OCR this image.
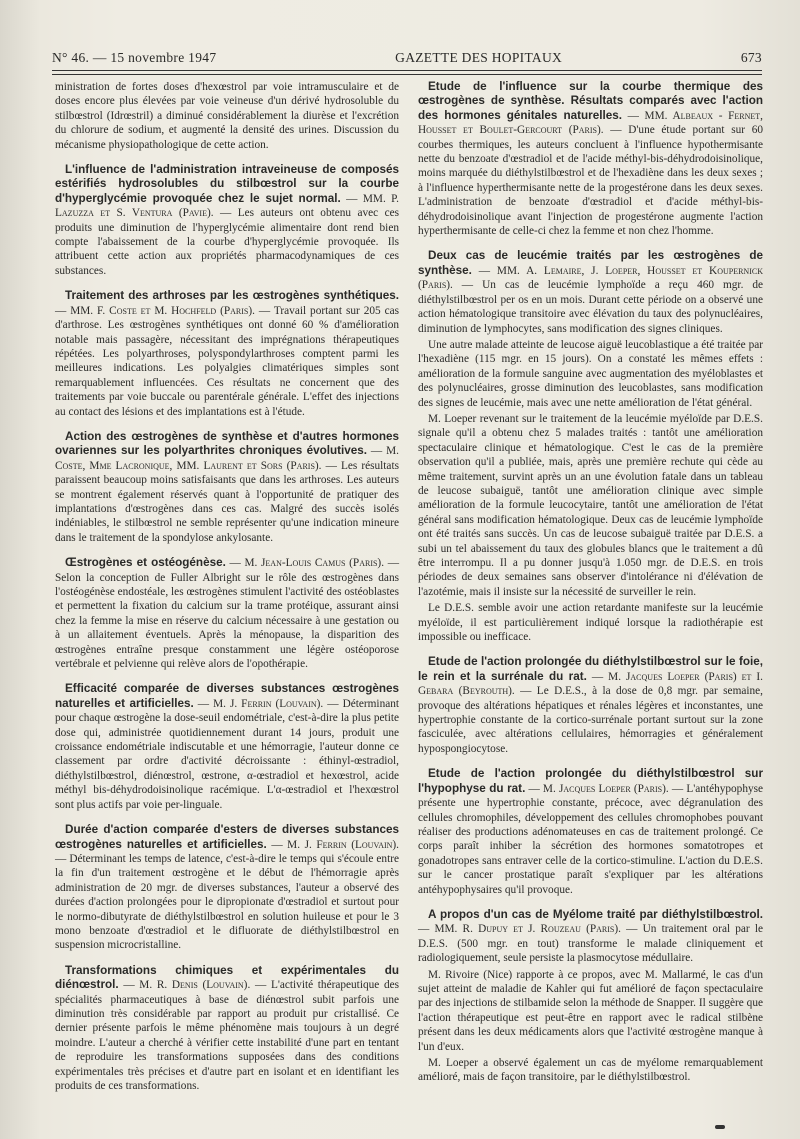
N° 46. — 15 novembre 1947	GAZETTE DES HOPITAUX	673

ministration de fortes doses d'hexœstrol par voie intramusculaire et de doses encore plus élevées par voie veineuse d'un dérivé hydrosoluble du stilbœstrol (Idrœstril) a diminué considérablement la diurèse et l'excrétion du chlorure de sodium, et augmenté la densité des urines. Discussion du mécanisme physiopathologique de cette action.

L'influence de l'administration intraveineuse de composés estérifiés hydrosolubles du stilbœstrol sur la courbe d'hyperglycémie provoquée chez le sujet normal. — MM. P. Lazuzza et S. Ventura (Pavie). — Les auteurs ont obtenu avec ces produits une diminution de l'hyperglycémie alimentaire dont rend bien compte l'abaissement de la courbe d'hyperglycémie provoquée. Ils attribuent cette action aux propriétés pharmacodynamiques de ces substances.

Traitement des arthroses par les œstrogènes synthétiques. — MM. F. Coste et M. Hochfeld (Paris). — Travail portant sur 205 cas d'arthrose. Les œstrogènes synthétiques ont donné 60 % d'amélioration notable mais passagère, nécessitant des imprégnations thérapeutiques répétées. Les polyarthroses, polyspondylarthroses comptent parmi les meilleures indications. Les polyalgies climatériques simples sont remarquablement influencées. Ces résultats ne concernent que des traitements par voie buccale ou parentérale générale. L'effet des injections au contact des lésions et des implantations est à l'étude.

Action des œstrogènes de synthèse et d'autres hormones ovariennes sur les polyarthrites chroniques évolutives. — M. Coste, Mme Lacronique, MM. Laurent et Sors (Paris). — Les résultats paraissent beaucoup moins satisfaisants que dans les arthroses. Les auteurs se montrent également réservés quant à l'opportunité de pratiquer des implantations d'œstrogènes dans ces cas. Malgré des succès isolés indéniables, le stilbœstrol ne semble représenter qu'une indication mineure dans le traitement de la spondylose ankylosante.

Œstrogènes et ostéogénèse. — M. Jean-Louis Camus (Paris). — Selon la conception de Fuller Albright sur le rôle des œstrogènes dans l'ostéogénèse endostéale, les œstrogènes stimulent l'activité des ostéoblastes et permettent la fixation du calcium sur la trame protéique, assurant ainsi chez la femme la mise en réserve du calcium nécessaire à une gestation ou à un allaitement éventuels. Après la ménopause, la disparition des œstrogènes entraîne presque constamment une légère ostéoporose vertébrale et pelvienne qui relève alors de l'opothérapie.

Efficacité comparée de diverses substances œstrogènes naturelles et artificielles. — M. J. Ferrin (Louvain). — Déterminant pour chaque œstrogène la dose-seuil endométriale, c'est-à-dire la plus petite dose qui, administrée quotidiennement durant 14 jours, produit une croissance endométriale indiscutable et une hémorragie, l'auteur donne ce classement par ordre d'activité décroissante : éthinyl-œstradiol, diéthylstilbœstrol, diénœstrol, œstrone, α-œstradiol et hexœstrol, acide méthyl bis-déhydrodoisinolique racémique. L'α-œstradiol et l'hexœstrol sont plus actifs par voie per-linguale.

Durée d'action comparée d'esters de diverses substances œstrogènes naturelles et artificielles. — M. J. Ferrin (Louvain). — Déterminant les temps de latence, c'est-à-dire le temps qui s'écoule entre la fin d'un traitement œstrogène et le début de l'hémorragie après administration de 20 mgr. de diverses substances, l'auteur a observé des durées d'action prolongées pour le dipropionate d'œstradiol et surtout pour le normo-dibutyrate de diéthylstilbœstrol en solution huileuse et pour le 3 mono benzoate d'œstradiol et le difluorate de diéthylstilbœstrol en suspension microcristalline.

Transformations chimiques et expérimentales du diénœstrol. — M. R. Denis (Louvain). — L'activité thérapeutique des spécialités pharmaceutiques à base de diénœstrol subit parfois une diminution très considérable par rapport au produit pur cristallisé. Ce dernier présente parfois le même phénomène mais toujours à un degré moindre. L'auteur a cherché à vérifier cette instabilité d'une part en tentant de reproduire les transformations supposées dans des conditions expérimentales très précises et d'autre part en isolant et en identifiant les produits de ces transformations.

Etude de l'influence sur la courbe thermique des œstrogènes de synthèse. Résultats comparés avec l'action des hormones génitales naturelles. — MM. Albeaux - Fernet, Housset et Boulet-Gercourt (Paris). — D'une étude portant sur 60 courbes thermiques, les auteurs concluent à l'influence hypothermisante nette du benzoate d'œstradiol et de l'acide méthyl-bis-déhydrodoisinolique, moins marquée du diéthylstilbœstrol et de l'hexadiène dans les deux sexes ; à l'influence hyperthermisante nette de la progestérone dans les deux sexes. L'administration de benzoate d'œstradiol et d'acide méthyl-bis-déhydrodoisinolique avant l'injection de progestérone augmente l'action hyperthermisante de celle-ci chez la femme et non chez l'homme.

Deux cas de leucémie traités par les œstrogènes de synthèse. — MM. A. Lemaire, J. Loeper, Housset et Koupernick (Paris). — Un cas de leucémie lymphoïde a reçu 460 mgr. de diéthylstilbœstrol per os en un mois. Durant cette période on a observé une action hématologique transitoire avec élévation du taux des polynucléaires, diminution de lymphocytes, sans modification des signes cliniques.

Une autre malade atteinte de leucose aiguë leucoblastique a été traitée par l'hexadiène (115 mgr. en 15 jours). On a constaté les mêmes effets : amélioration de la formule sanguine avec augmentation des myéloblastes et des polynucléaires, grosse diminution des leucoblastes, sans modification des signes de leucémie, mais avec une nette amélioration de l'état général.

M. Loeper revenant sur le traitement de la leucémie myéloïde par D.E.S. signale qu'il a obtenu chez 5 malades traités : tantôt une amélioration spectaculaire clinique et hématologique. C'est le cas de la première observation qu'il a publiée, mais, après une première rechute qui cède au même traitement, survint après un an une évolution fatale dans un tableau de leucose subaiguë, tantôt une amélioration clinique avec simple amélioration de la formule leucocytaire, tantôt une amélioration de l'état général sans modification hématologique. Deux cas de leucémie lymphoïde ont été traités sans succès. Un cas de leucose subaiguë traitée par D.E.S. a subi un tel abaissement du taux des globules blancs que le traitement a dû être interrompu. Il a pu donner jusqu'à 1.050 mgr. de D.E.S. en trois périodes de deux semaines sans observer d'intolérance ni d'élévation de l'azotémie, mais il insiste sur la nécessité de surveiller le rein.

Le D.E.S. semble avoir une action retardante manifeste sur la leucémie myéloïde, il est particulièrement indiqué lorsque la radiothérapie est impossible ou inefficace.

Etude de l'action prolongée du diéthylstilbœstrol sur le foie, le rein et la surrénale du rat. — M. Jacques Loeper (Paris) et I. Gebara (Beyrouth). — Le D.E.S., à la dose de 0,8 mgr. par semaine, provoque des altérations hépatiques et rénales légères et inconstantes, une hypertrophie constante de la cortico-surrénale portant surtout sur la zone fasciculée, avec altérations cellulaires, hémorragies et généralement hypospongiocytose.

Etude de l'action prolongée du diéthylstilbœstrol sur l'hypophyse du rat. — M. Jacques Loeper (Paris). — L'antéhypophyse présente une hypertrophie constante, précoce, avec dégranulation des cellules chromophiles, développement des cellules chromophobes pouvant réaliser des productions adénomateuses en cas de traitement prolongé. Ce corps paraît inhiber la sécrétion des hormones somatotropes et gonadotropes sans entraver celle de la cortico-stimuline. L'action du D.E.S. sur le cancer prostatique paraît s'expliquer par les altérations antéhypophysaires qu'il provoque.

A propos d'un cas de Myélome traité par diéthylstilbœstrol. — MM. R. Dupuy et J. Rouzeau (Paris). — Un traitement oral par le D.E.S. (500 mgr. en tout) transforme le malade cliniquement et radiologiquement, seule persiste la plasmocytose médullaire.

M. Rivoire (Nice) rapporte à ce propos, avec M. Mallarmé, le cas d'un sujet atteint de maladie de Kahler qui fut amélioré de façon spectaculaire par des injections de stilbamide selon la méthode de Snapper. Il suggère que l'action thérapeutique est peut-être en rapport avec le radical stilbène présent dans les deux médicaments alors que l'activité œstrogène manque à l'un d'eux.

M. Loeper a observé également un cas de myélome remarquablement amélioré, mais de façon transitoire, par le diéthylstilbœstrol.
